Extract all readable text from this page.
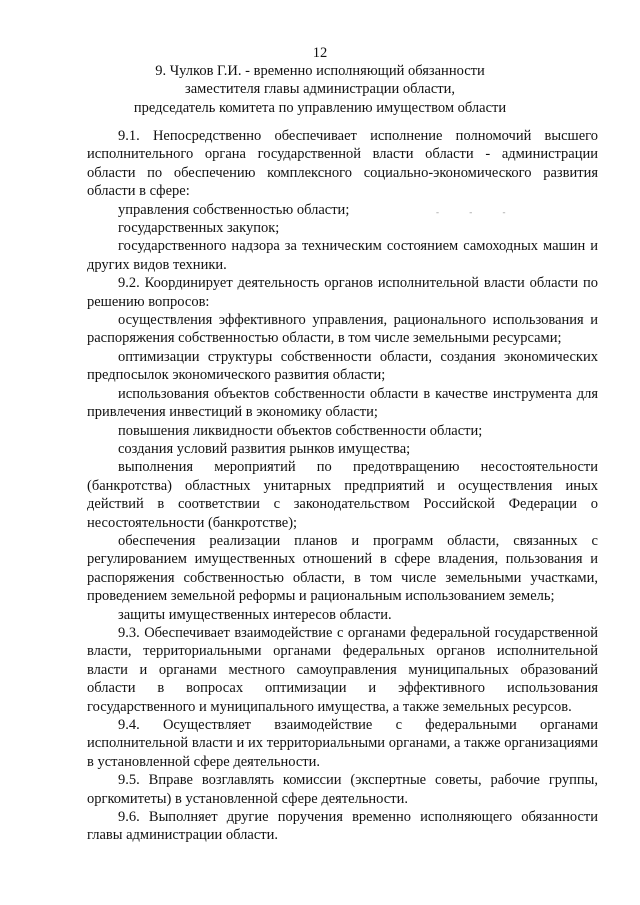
12
9. Чулков Г.И. - временно исполняющий обязанности
заместителя главы администрации области,
председатель комитета по управлению имуществом области
- - -

9.1. Непосредственно обеспечивает исполнение полномочий высшего исполнительного органа государственной власти области - администрации области по обеспечению комплексного социально-экономического развития области в сфере:

управления собственностью области;

государственных закупок;

государственного надзора за техническим состоянием самоходных машин и других видов техники.

9.2. Координирует деятельность органов исполнительной власти области по решению вопросов:

осуществления эффективного управления, рационального использования и распоряжения собственностью области, в том числе земельными ресурсами;

оптимизации структуры собственности области, создания экономических предпосылок экономического развития области;

использования объектов собственности области в качестве инструмента для привлечения инвестиций в экономику области;

повышения ликвидности объектов собственности области;

создания условий развития рынков имущества;

выполнения мероприятий по предотвращению несостоятельности (банкротства) областных унитарных предприятий и осуществления иных действий в соответствии с законодательством Российской Федерации о несостоятельности (банкротстве);

обеспечения реализации планов и программ области, связанных с регулированием имущественных отношений в сфере владения, пользования и распоряжения собственностью области, в том числе земельными участками, проведением земельной реформы и рациональным использованием земель;

защиты имущественных интересов области.

9.3. Обеспечивает взаимодействие с органами федеральной государственной власти, территориальными органами федеральных органов исполнительной власти и органами местного самоуправления муниципальных образований области в вопросах оптимизации и эффективного использования государственного и муниципального имущества, а также земельных ресурсов.

9.4. Осуществляет взаимодействие с федеральными органами исполнительной власти и их территориальными органами, а также организациями в установленной сфере деятельности.

9.5. Вправе возглавлять комиссии (экспертные советы, рабочие группы, оргкомитеты) в установленной сфере деятельности.

9.6. Выполняет другие поручения временно исполняющего обязанности главы администрации области.
